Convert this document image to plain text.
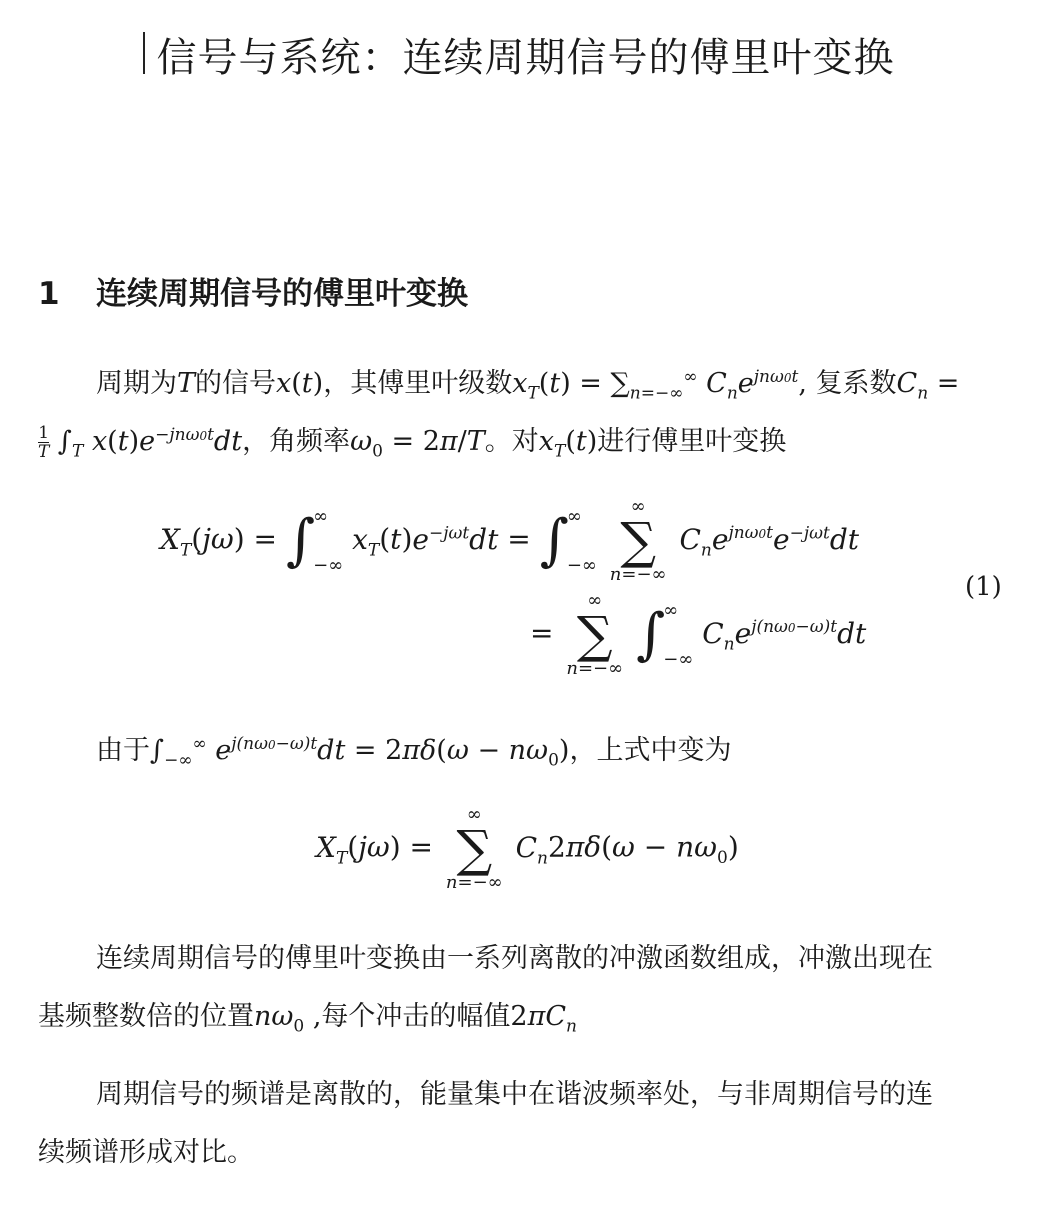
信号与系统：连续周期信号的傅里叶变换
1 连续周期信号的傅里叶变换
周期为T的信号x(t)，其傅里叶级数$x_T(t) = \sum_{n=-\infty}^\infty$ $C_ne^{jn\omega 0t}$, 复系数$C_n$ =

$\frac{1}{T} \int_T$ $x(t)e^{-jn\omega 0t}dt$，角频率$\omega_0 = 2\pi/T$。对$x_T(t)$进行傅里叶变换
$X_T(j\omega)$ = ∫
∞
−∞
$x_T(t)e^{-j\omega t}dt$ = ∫
∞
−∞

∞
∑
n=−∞
$C_ne^{jn\omega 0t}e^{-j\omega t}dt$
=
∞
∑
n=−∞

∫
∞
−∞
$C_ne^{j(n\omega 0-\omega)t}dt$
(1)
由于$\int_{-\infty}^\infty$ $e^{j(n\omega 0-\omega)t}dt = 2\pi\delta(\omega - n\omega_0)$，上式中变为
$X_T(j\omega)$ =
∞
∑
n=−∞
$C_n2\pi\delta(\omega - n\omega_0)$
连续周期信号的傅里叶变换由一系列离散的冲激函数组成，冲激出现在
基频整数倍的位置$n\omega_0$ ,每个冲击的幅值$2\pi C_n$
周期信号的频谱是离散的，能量集中在谐波频率处，与非周期信号的连
续频谱形成对比。
